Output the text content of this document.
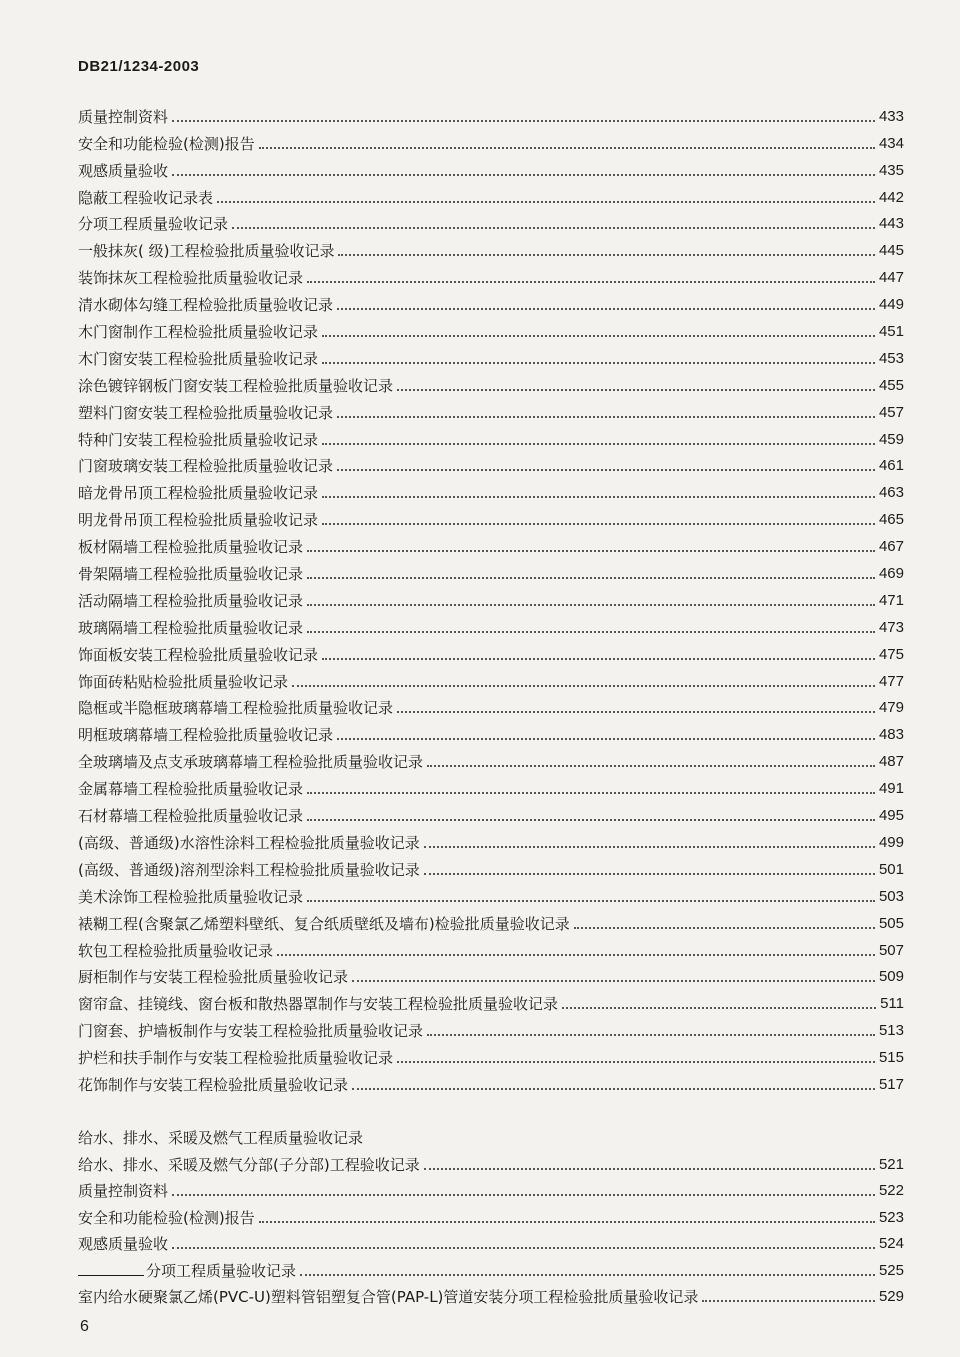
DB21/1234-2003
质量控制资料	433
安全和功能检验(检测)报告	434
观感质量验收	435
隐蔽工程验收记录表	442
分项工程质量验收记录	443
一般抹灰( 级)工程检验批质量验收记录	445
装饰抹灰工程检验批质量验收记录	447
清水砌体勾缝工程检验批质量验收记录	449
木门窗制作工程检验批质量验收记录	451
木门窗安装工程检验批质量验收记录	453
涂色镀锌钢板门窗安装工程检验批质量验收记录	455
塑料门窗安装工程检验批质量验收记录	457
特种门安装工程检验批质量验收记录	459
门窗玻璃安装工程检验批质量验收记录	461
暗龙骨吊顶工程检验批质量验收记录	463
明龙骨吊顶工程检验批质量验收记录	465
板材隔墙工程检验批质量验收记录	467
骨架隔墙工程检验批质量验收记录	469
活动隔墙工程检验批质量验收记录	471
玻璃隔墙工程检验批质量验收记录	473
饰面板安装工程检验批质量验收记录	475
饰面砖粘贴检验批质量验收记录	477
隐框或半隐框玻璃幕墙工程检验批质量验收记录	479
明框玻璃幕墙工程检验批质量验收记录	483
全玻璃墙及点支承玻璃幕墙工程检验批质量验收记录	487
金属幕墙工程检验批质量验收记录	491
石材幕墙工程检验批质量验收记录	495
(高级、普通级)水溶性涂料工程检验批质量验收记录	499
(高级、普通级)溶剂型涂料工程检验批质量验收记录	501
美术涂饰工程检验批质量验收记录	503
裱糊工程(含聚氯乙烯塑料壁纸、复合纸质壁纸及墙布)检验批质量验收记录	505
软包工程检验批质量验收记录	507
厨柜制作与安装工程检验批质量验收记录	509
窗帘盒、挂镜线、窗台板和散热器罩制作与安装工程检验批质量验收记录	511
门窗套、护墙板制作与安装工程检验批质量验收记录	513
护栏和扶手制作与安装工程检验批质量验收记录	515
花饰制作与安装工程检验批质量验收记录	517
给水、排水、采暖及燃气工程质量验收记录
给水、排水、采暖及燃气分部(子分部)工程验收记录	521
质量控制资料	522
安全和功能检验(检测)报告	523
观感质量验收	524
分项工程质量验收记录	525
室内给水硬聚氯乙烯(PVC-U)塑料管铝塑复合管(PAP-L)管道安装分项工程检验批质量验收记录	529
6
